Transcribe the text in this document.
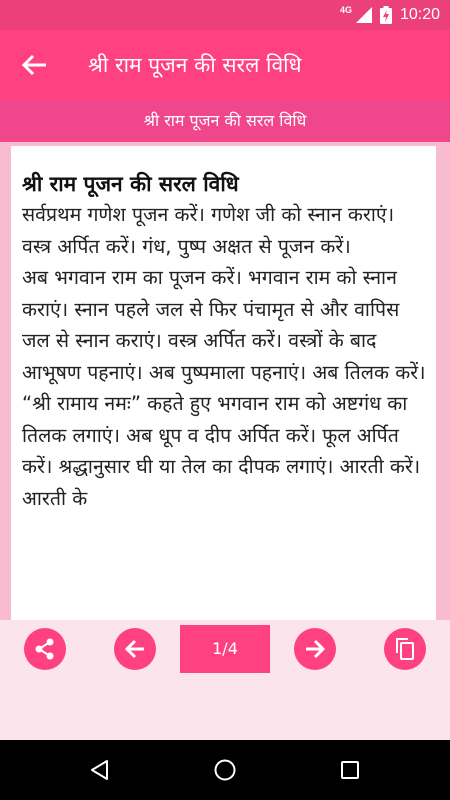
4G	10:20
श्री राम पूजन की सरल विधि
श्री राम पूजन की सरल विधि
श्री राम पूजन की सरल विधि

सर्वप्रथम गणेश पूजन करें। गणेश जी को स्नान कराएं। वस्त्र अर्पित करें। गंध, पुष्प अक्षत से पूजन करें।

अब भगवान राम का पूजन करें। भगवान राम को स्नान कराएं। स्नान पहले जल से फिर पंचामृत से और वापिस जल से स्नान कराएं। वस्त्र अर्पित करें। वस्त्रों के बाद आभूषण पहनाएं। अब पुष्पमाला पहनाएं। अब तिलक करें। “श्री रामाय नमः” कहते हुए भगवान राम को अष्टगंध का तिलक लगाएं। अब धूप व दीप अर्पित करें। फूल अर्पित करें। श्रद्धानुसार घी या तेल का दीपक लगाएं। आरती करें। आरती के

1/4
